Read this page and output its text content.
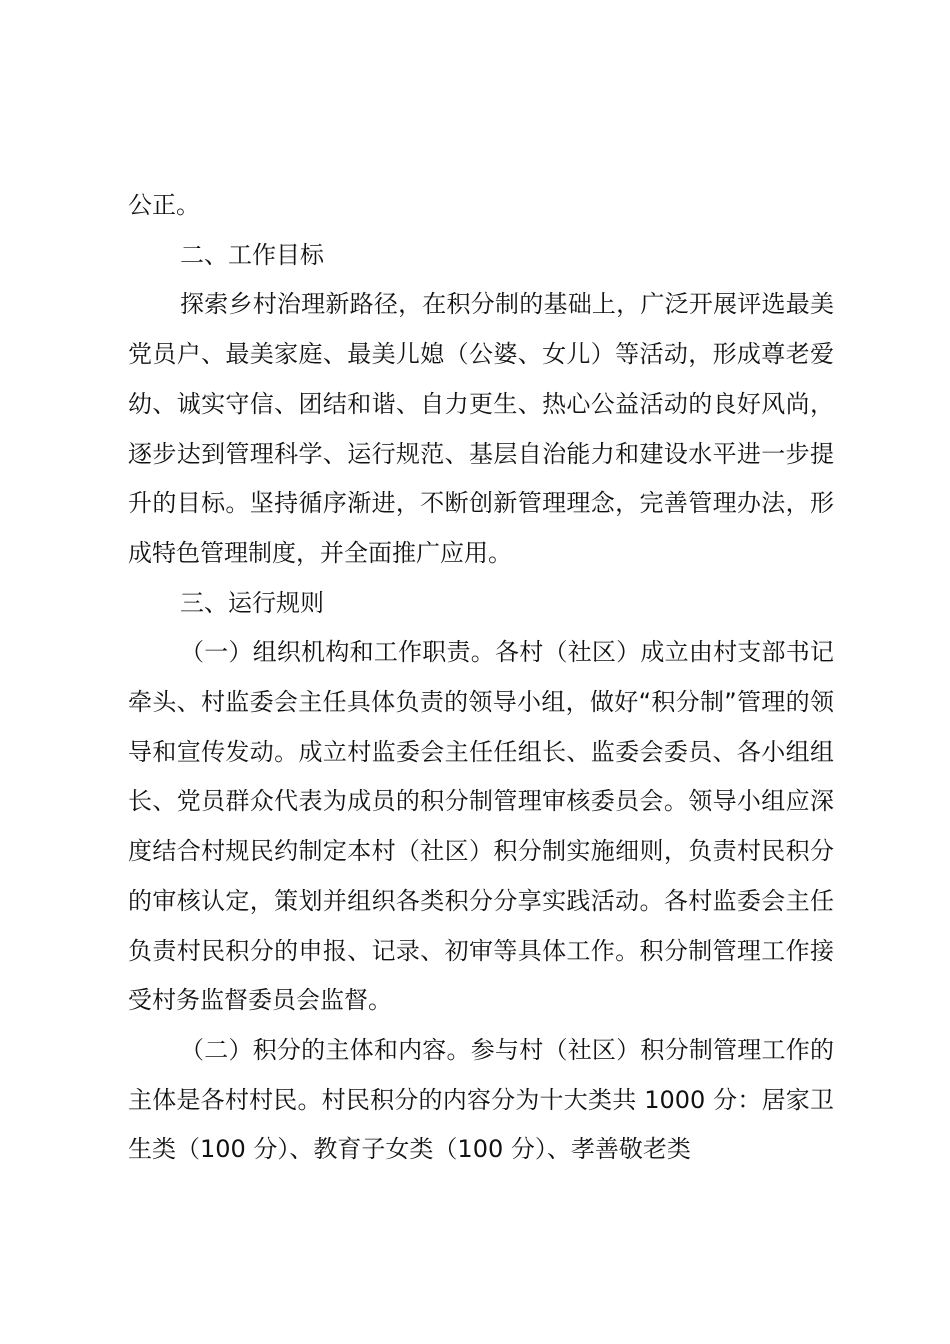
公正。

二、工作目标

探索乡村治理新路径，在积分制的基础上，广泛开展评选最美党员户、最美家庭、最美儿媳（公婆、女儿）等活动，形成尊老爱幼、诚实守信、团结和谐、自力更生、热心公益活动的良好风尚，逐步达到管理科学、运行规范、基层自治能力和建设水平进一步提升的目标。坚持循序渐进，不断创新管理理念，完善管理办法，形成特色管理制度，并全面推广应用。

三、运行规则

（一）组织机构和工作职责。各村（社区）成立由村支部书记牵头、村监委会主任具体负责的领导小组，做好“积分制”管理的领导和宣传发动。成立村监委会主任任组长、监委会委员、各小组组长、党员群众代表为成员的积分制管理审核委员会。领导小组应深度结合村规民约制定本村（社区）积分制实施细则，负责村民积分的审核认定，策划并组织各类积分分享实践活动。各村监委会主任负责村民积分的申报、记录、初审等具体工作。积分制管理工作接受村务监督委员会监督。

（二）积分的主体和内容。参与村（社区）积分制管理工作的主体是各村村民。村民积分的内容分为十大类共 1000 分：居家卫生类（100 分）、教育子女类（100 分）、孝善敬老类
